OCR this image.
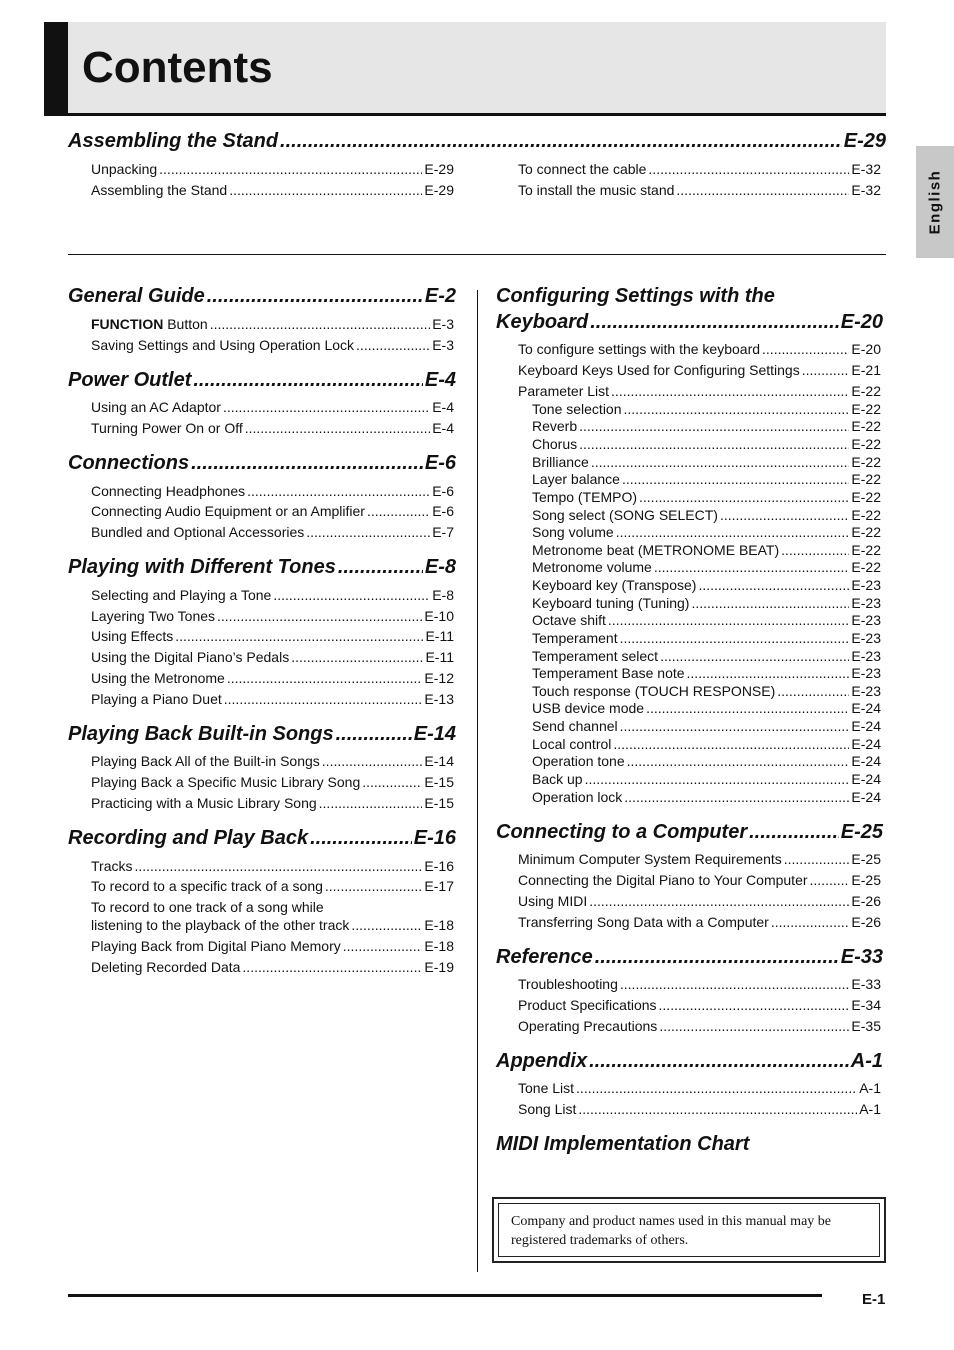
Contents
English
Assembling the Stand .....	E-29
Unpacking .....	E-29
Assembling the Stand .....	E-29
To connect the cable .....	E-32
To install the music stand .....	E-32
General Guide .....	E-2
FUNCTION Button .....	E-3
Saving Settings and Using Operation Lock .....	E-3
Power Outlet .....	E-4
Using an AC Adaptor .....	E-4
Turning Power On or Off .....	E-4
Connections .....	E-6
Connecting Headphones .....	E-6
Connecting Audio Equipment or an Amplifier .....	E-6
Bundled and Optional Accessories .....	E-7
Playing with Different Tones .....	E-8
Selecting and Playing a Tone .....	E-8
Layering Two Tones .....	E-10
Using Effects .....	E-11
Using the Digital Piano’s Pedals .....	E-11
Using the Metronome .....	E-12
Playing a Piano Duet .....	E-13
Playing Back Built-in Songs .....	E-14
Playing Back All of the Built-in Songs .....	E-14
Playing Back a Specific Music Library Song .....	E-15
Practicing with a Music Library Song .....	E-15
Recording and Play Back .....	E-16
Tracks .....	E-16
To record to a specific track of a song .....	E-17
To record to one track of a song while
listening to the playback of the other track .....	E-18
Playing Back from Digital Piano Memory .....	E-18
Deleting Recorded Data .....	E-19
Configuring Settings with the
Keyboard .....	E-20
To configure settings with the keyboard .....	E-20
Keyboard Keys Used for Configuring Settings .....	E-21
Parameter List .....	E-22
Tone selection .....	E-22
Reverb .....	E-22
Chorus .....	E-22
Brilliance .....	E-22
Layer balance .....	E-22
Tempo (TEMPO) .....	E-22
Song select (SONG SELECT) .....	E-22
Song volume .....	E-22
Metronome beat (METRONOME BEAT) .....	E-22
Metronome volume .....	E-22
Keyboard key (Transpose) .....	E-23
Keyboard tuning (Tuning) .....	E-23
Octave shift .....	E-23
Temperament .....	E-23
Temperament select .....	E-23
Temperament Base note .....	E-23
Touch response (TOUCH RESPONSE) .....	E-23
USB device mode .....	E-24
Send channel .....	E-24
Local control .....	E-24
Operation tone .....	E-24
Back up .....	E-24
Operation lock .....	E-24
Connecting to a Computer .....	E-25
Minimum Computer System Requirements .....	E-25
Connecting the Digital Piano to Your Computer .....	E-25
Using MIDI .....	E-26
Transferring Song Data with a Computer .....	E-26
Reference .....	E-33
Troubleshooting .....	E-33
Product Specifications .....	E-34
Operating Precautions .....	E-35
Appendix .....	A-1
Tone List .....	A-1
Song List .....	A-1
MIDI Implementation Chart
Company and product names used in this manual may be registered trademarks of others.
E-1
